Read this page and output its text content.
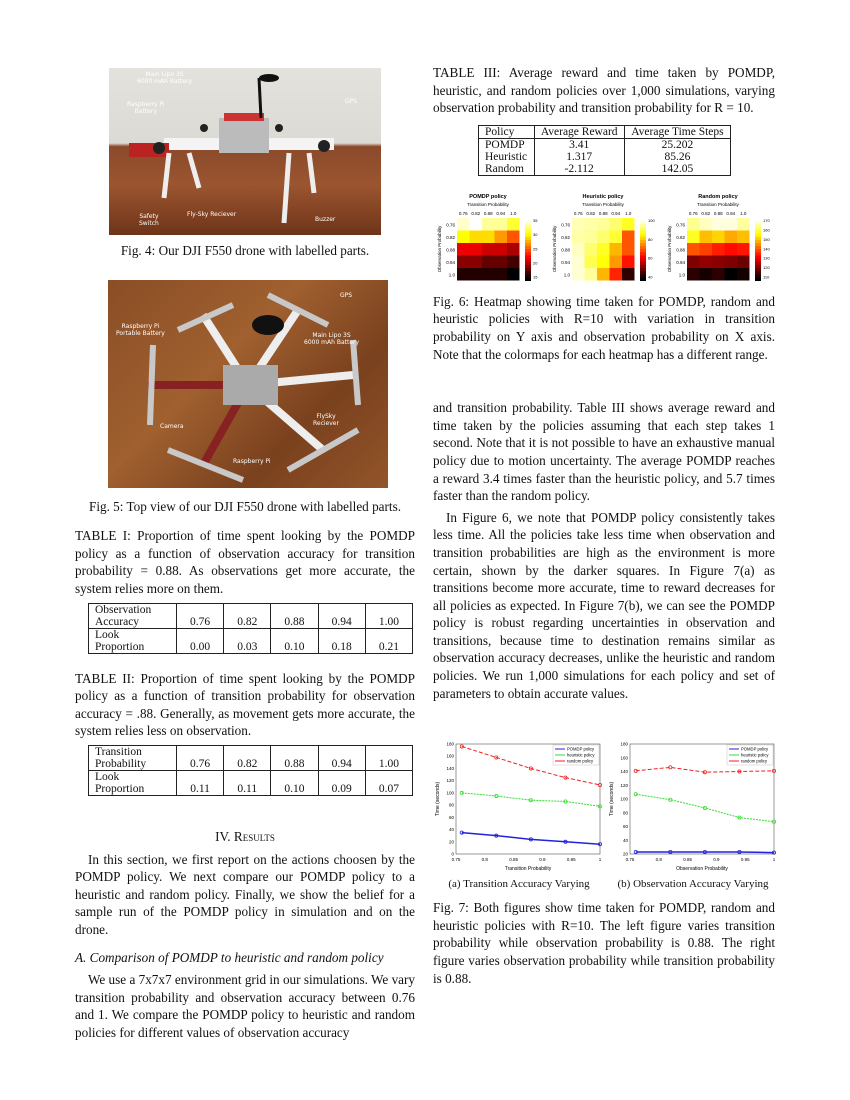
Main Lipo 3S
6000 mAh Battery
Raspberry Pi
Battery
GPS
Safety
Switch
Fly-Sky Reciever
Buzzer
Fig. 4: Our DJI F550 drone with labelled parts.
GPS
Raspberry Pi
Portable Battery	Main Lipo 3S
6000 mAh Battery
FlySky
Reciever
Camera
Raspberry Pi
Fig. 5: Top view of our DJI F550 drone with labelled parts.
TABLE I: Proportion of time spent looking by the POMDP policy as a function of observation accuracy for transition probability = 0.88. As observations get more accurate, the system relies more on them.
Observation Accuracy	0.76	0.82	0.88	0.94	1.00
Look Proportion	0.00	0.03	0.10	0.18	0.21
TABLE II: Proportion of time spent looking by the POMDP policy as a function of transition probability for observation accuracy = .88. Generally, as movement gets more accurate, the system relies less on observation.
Transition Probability	0.76	0.82	0.88	0.94	1.00
Look Proportion	0.11	0.11	0.10	0.09	0.07
IV. Results

In this section, we first report on the actions choosen by the POMDP policy. We next compare our POMDP policy to a heuristic and random policy. Finally, we show the belief for a sample run of the POMDP policy in simulation and on the drone.

A. Comparison of POMDP to heuristic and random policy

We use a 7x7x7 environment grid in our simulations. We vary transition probability and observation accuracy between 0.76 and 1. We compare the POMDP policy to heuristic and random policies for different values of observation accuracy

TABLE III: Average reward and time taken by POMDP, heuristic, and random policies over 1,000 simulations, varying observation probability and transition probability for R = 10.
Policy	Average Reward	Average Time Steps
POMDP	3.41	25.202
Heuristic	1.317	85.26
Random	-2.112	142.05
POMDP policy
Transition Probability
Observation Probability
0.76 0.82 0.88 0.94 1.0
0.76
0.82
0.88
0.94
1.0
35
30
25
20
15
Heuristic policy
Transition Probability
Observation Probability
0.76 0.82 0.88 0.94 1.0
0.76
0.82
0.88
0.94
1.0
100
80
60
40
Random policy
Transition Probability
Observation Probability
0.76 0.82 0.88 0.94 1.0
0.76
0.82
0.88
0.94
1.0
170
160
150
140
130
120
110
Fig. 6: Heatmap showing time taken for POMDP, random and heuristic policies with R=10 with variation in transition probability on Y axis and observation probability on X axis. Note that the colormaps for each heatmap has a different range.

and transition probability. Table III shows average reward and time taken by the policies assuming that each step takes 1 second. Note that it is not possible to have an exhaustive manual policy due to motion uncertainty. The average POMDP reaches a reward 3.4 times faster than the heuristic policy, and 5.7 times faster than the random policy.

In Figure 6, we note that POMDP policy consistently takes less time. All the policies take less time when observation and transition probabilities are high as the environment is more certain, shown by the darker squares. In Figure 7(a) as transitions become more accurate, time to reward decreases for all policies as expected. In Figure 7(b), we can see the POMDP policy is robust regarding uncertainties in observation and transitions, because time to destination remains similar as observation accuracy decreases, unlike the heuristic and random policies. We run 1,000 simulations for each policy and set of parameters to obtain accurate values.

0.75	0.8	0.85	0.9	0.95	1
0
20
40
60
80
100
120
140
160
180
Transition Probability
Time (seconds)
POMDP policy
heuristic policy
random policy
(a) Transition Accuracy Varying
0.75	0.8	0.85	0.9	0.95	1
20
40
60
80
100
120
140
160
180
Observation Probability
Time (seconds)
POMDP policy
heuristic policy
random policy
(b) Observation Accuracy Varying
Fig. 7: Both figures show time taken for POMDP, random and heuristic policies with R=10. The left figure varies transition probability while observation probability is 0.88. The right figure varies observation probability while transition probability is 0.88.
